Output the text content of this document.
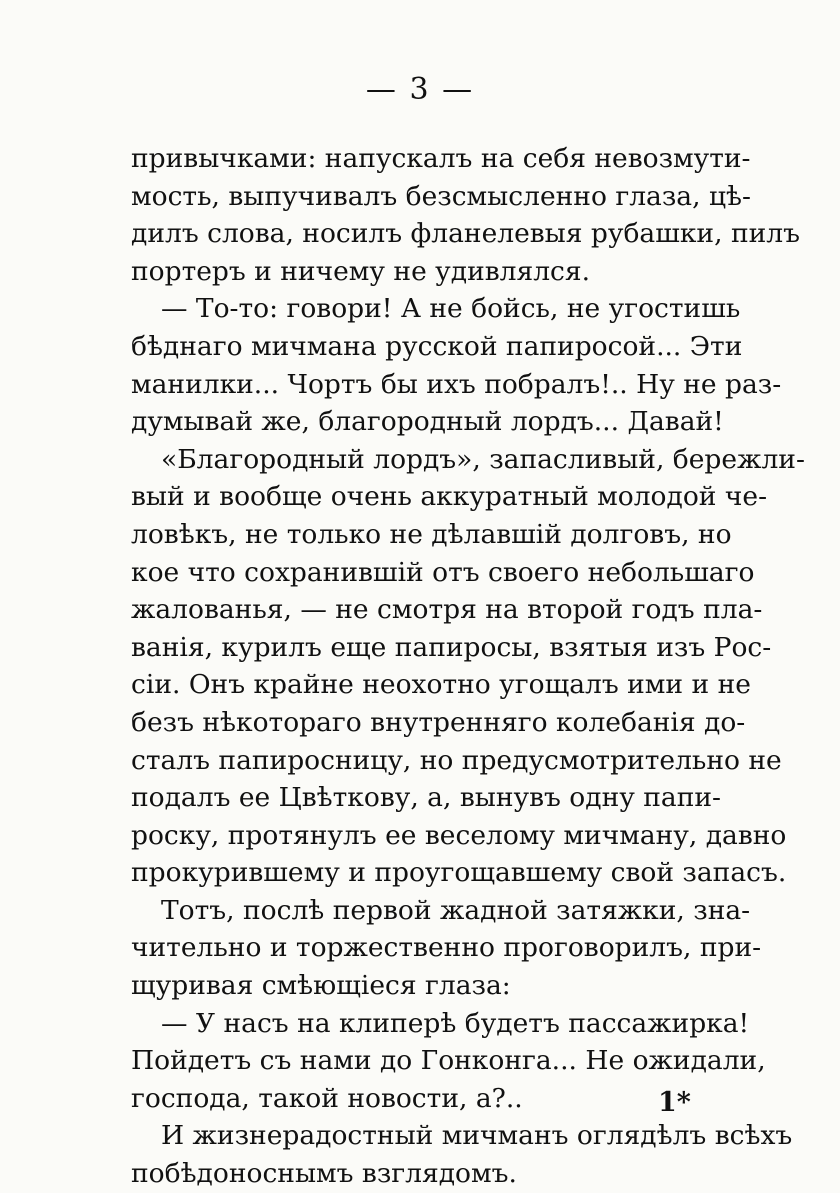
— 3 —
привычками: напускалъ на себя невозмути-
мость, выпучивалъ безсмысленно глаза, цѣ-
дилъ слова, носилъ фланелевыя рубашки, пилъ
портеръ и ничему не удивлялся.
— То-то: говори! А не бойсь, не угостишь
бѣднаго мичмана русской папиросой... Эти
манилки... Чортъ бы ихъ побралъ!.. Ну не раз-
думывай же, благородный лордъ... Давай!
«Благородный лордъ», запасливый, бережли-
вый и вообще очень аккуратный молодой че-
ловѣкъ, не только не дѣлавшій долговъ, но
кое что сохранившій отъ своего небольшаго
жалованья, — не смотря на второй годъ пла-
ванія, курилъ еще папиросы, взятыя изъ Рос-
сіи. Онъ крайне неохотно угощалъ ими и не
безъ нѣкотораго внутренняго колебанія до-
сталъ папиросницу, но предусмотрительно не
подалъ ее Цвѣткову, а, вынувъ одну папи-
роску, протянулъ ее веселому мичману, давно
прокурившему и проугощавшему свой запасъ.
Тотъ, послѣ первой жадной затяжки, зна-
чительно и торжественно проговорилъ, при-
щуривая смѣющіеся глаза:
— У насъ на клиперѣ будетъ пассажирка!
Пойдетъ съ нами до Гонконга... Не ожидали,
господа, такой новости, а?..
И жизнерадостный мичманъ оглядѣлъ всѣхъ
побѣдоноснымъ взглядомъ.
1*
